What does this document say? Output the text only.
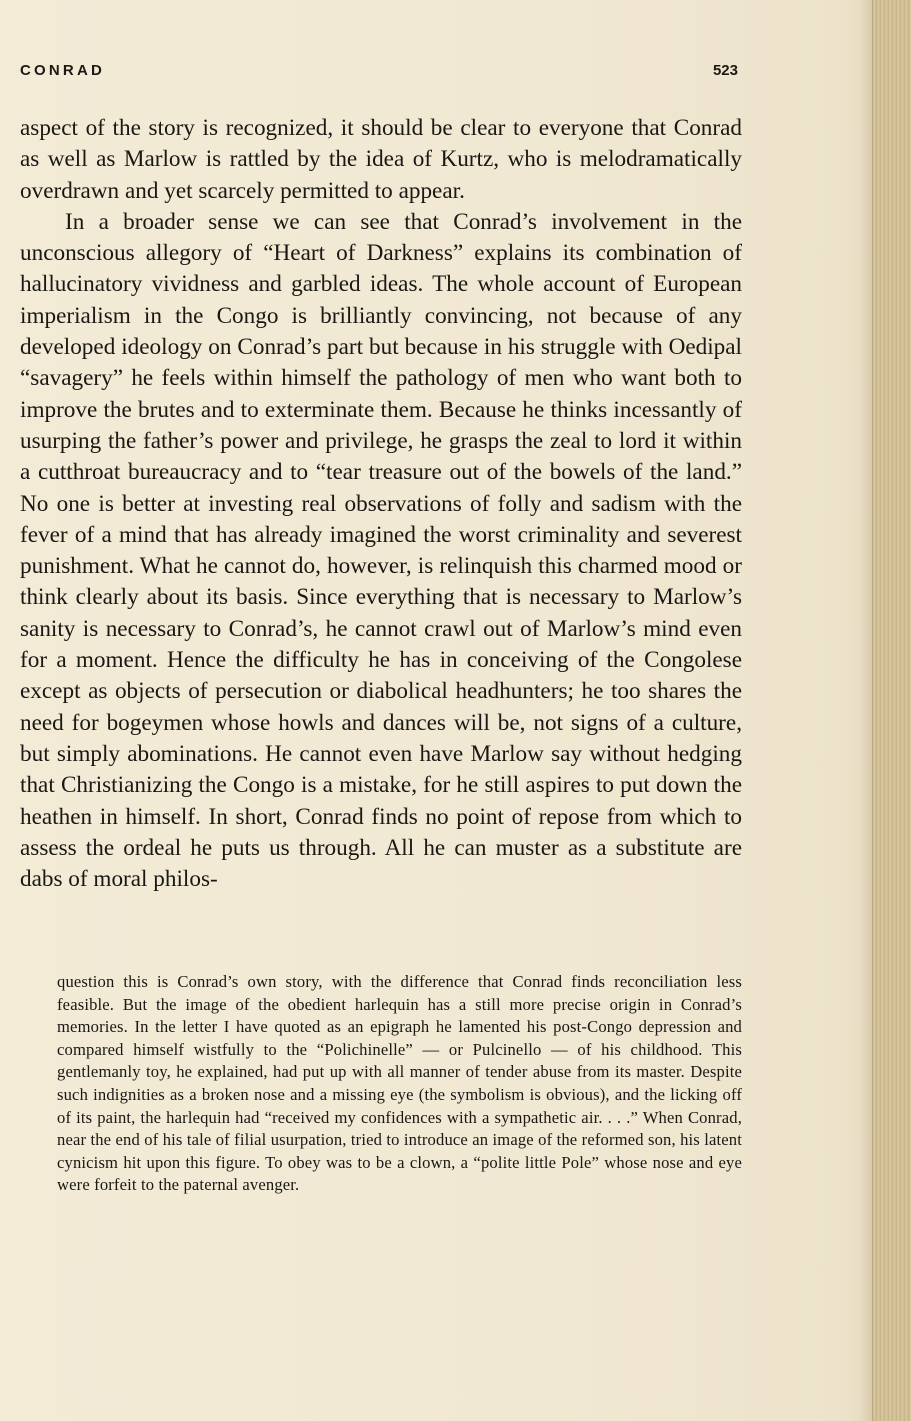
CONRAD	523

aspect of the story is recognized, it should be clear to everyone that Conrad as well as Marlow is rattled by the idea of Kurtz, who is melodramatically overdrawn and yet scarcely permitted to appear.

In a broader sense we can see that Conrad’s involvement in the unconscious allegory of “Heart of Darkness” explains its combination of hallucinatory vividness and garbled ideas. The whole account of European imperialism in the Congo is brilliantly convincing, not because of any developed ideology on Conrad’s part but because in his struggle with Oedipal “savagery” he feels within himself the pathology of men who want both to improve the brutes and to exterminate them. Because he thinks incessantly of usurping the father’s power and privilege, he grasps the zeal to lord it within a cutthroat bureaucracy and to “tear treasure out of the bowels of the land.” No one is better at investing real observations of folly and sadism with the fever of a mind that has already imagined the worst criminality and severest punishment. What he cannot do, however, is relinquish this charmed mood or think clearly about its basis. Since everything that is necessary to Marlow’s sanity is necessary to Conrad’s, he cannot crawl out of Marlow’s mind even for a moment. Hence the difficulty he has in conceiving of the Congolese except as objects of persecution or diabolical headhunters; he too shares the need for bogeymen whose howls and dances will be, not signs of a culture, but simply abominations. He cannot even have Marlow say without hedging that Christianizing the Congo is a mistake, for he still aspires to put down the heathen in himself. In short, Conrad finds no point of repose from which to assess the ordeal he puts us through. All he can muster as a substitute are dabs of moral philos-

question this is Conrad’s own story, with the difference that Conrad finds reconciliation less feasible. But the image of the obedient harlequin has a still more precise origin in Conrad’s memories. In the letter I have quoted as an epigraph he lamented his post-Congo depression and compared himself wistfully to the “Polichinelle” — or Pulcinello — of his childhood. This gentlemanly toy, he explained, had put up with all manner of tender abuse from its master. Despite such indignities as a broken nose and a missing eye (the symbolism is obvious), and the licking off of its paint, the harlequin had “received my confidences with a sympathetic air. . . .” When Conrad, near the end of his tale of filial usurpation, tried to introduce an image of the reformed son, his latent cynicism hit upon this figure. To obey was to be a clown, a “polite little Pole” whose nose and eye were forfeit to the paternal avenger.
